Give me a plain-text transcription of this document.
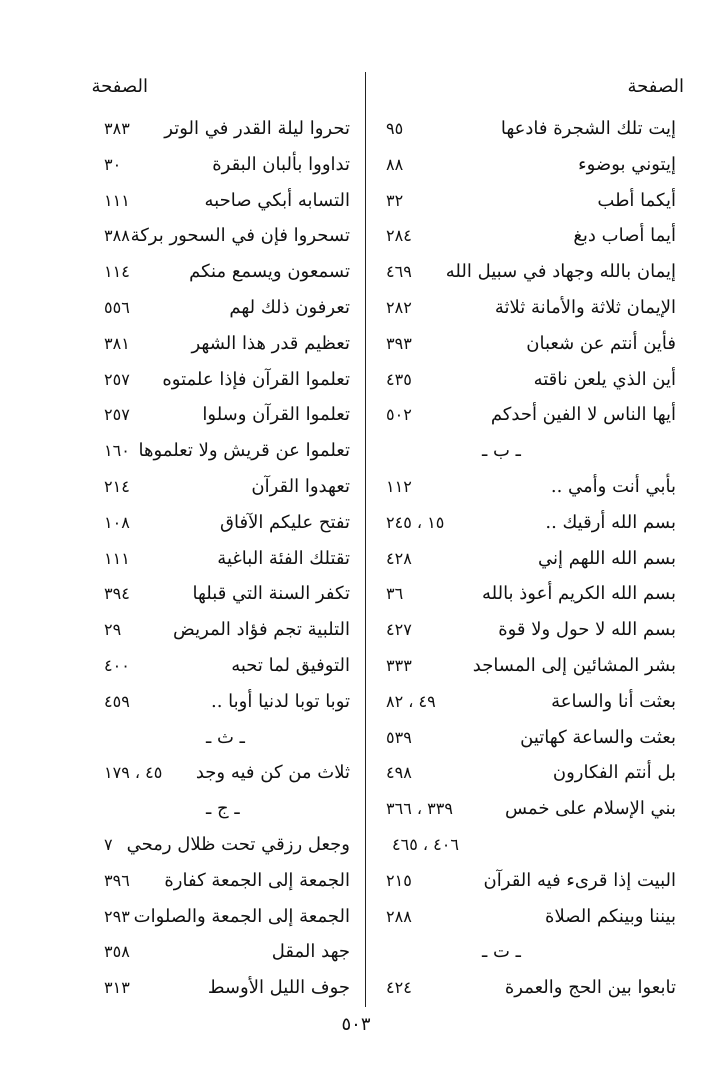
الصفحة
إيت تلك الشجرة فادعها
٩٥
إيتوني بوضوء
٨٨
أيكما أطب
٣٢
أيما أصاب دبغ
٢٨٤
إيمان بالله وجهاد في سبيل الله
٤٦٩
الإيمان ثلاثة والأمانة ثلاثة
٢٨٢
فأين أنتم عن شعبان
٣٩٣
أين الذي يلعن ناقته
٤٣٥
أيها الناس لا الفين أحدكم
٥٠٢
ـ ب ـ
بأبي أنت وأمي ..
١١٢
بسم الله أرقيك ..
١٥ ، ٢٤٥
بسم الله اللهم إني
٤٢٨
بسم الله الكريم أعوذ بالله
٣٦
بسم الله لا حول ولا قوة
٤٢٧
بشر المشائين إلى المساجد
٣٣٣
بعثت أنا والساعة
٤٩ ، ٨٢
بعثت والساعة كهاتين
٥٣٩
بل أنتم الفكارون
٤٩٨
بني الإسلام على خمس
٣٣٩ ، ٣٦٦
٤٠٦ ، ٤٦٥
البيت إذا قرىء فيه القرآن
٢١٥
بيننا وبينكم الصلاة
٢٨٨
ـ ت ـ
تابعوا بين الحج والعمرة
٤٢٤
الصفحة
تحروا ليلة القدر في الوتر
٣٨٣
تداووا بألبان البقرة
٣٠
التسابه أبكي صاحبه
١١١
تسحروا فإن في السحور بركة
٣٨٨
تسمعون ويسمع منكم
١١٤
تعرفون ذلك لهم
٥٥٦
تعظيم قدر هذا الشهر
٣٨١
تعلموا القرآن فإذا علمتوه
٢٥٧
تعلموا القرآن وسلوا
٢٥٧
تعلموا عن قريش ولا تعلموها
١٦٠
تعهدوا القرآن
٢١٤
تفتح عليكم الآفاق
١٠٨
تقتلك الفئة الباغية
١١١
تكفر السنة التي قبلها
٣٩٤
التلبية تجم فؤاد المريض
٢٩
التوفيق لما تحبه
٤٠٠
توبا توبا لدنيا أوبا ..
٤٥٩
ـ ث ـ
ثلاث من كن فيه وجد
٤٥ ، ١٧٩
ـ ج ـ
وجعل رزقي تحت ظلال رمحي
٧
الجمعة إلى الجمعة كفارة
٣٩٦
الجمعة إلى الجمعة والصلوات
٢٩٣
جهد المقل
٣٥٨
جوف الليل الأوسط
٣١٣
٥٠٣
